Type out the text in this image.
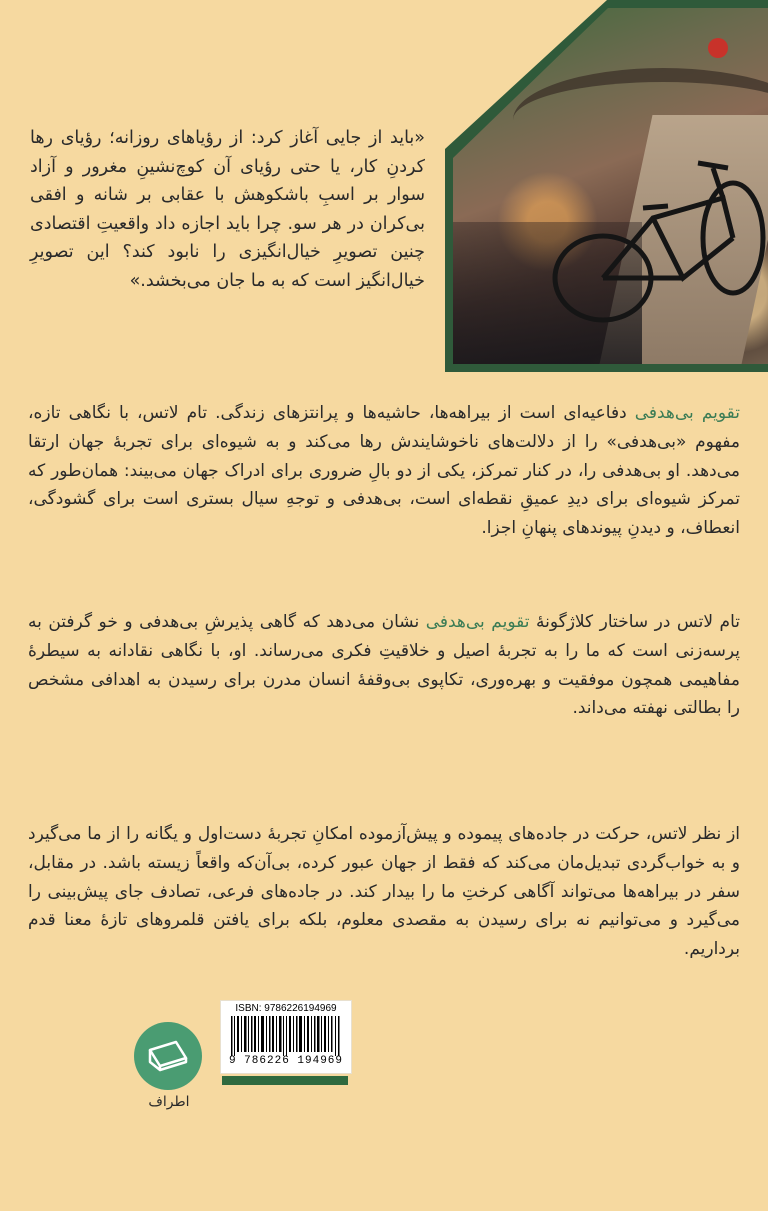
«باید از جایی آغاز کرد: از رؤیاهای روزانه؛ رؤیای رها کردنِ کار، یا حتی رؤیای آن کوچ‌نشینِ مغرور و آزاد سوار بر اسبِ باشکوهش با عقابی بر شانه و افقی بی‌کران در هر سو. چرا باید اجازه داد واقعیتِ اقتصادی چنین تصویرِ خیال‌انگیزی را نابود کند؟ این تصویرِ خیال‌انگیز است که به ما جان می‌بخشد.»

تقویم بی‌هدفی دفاعیه‌ای است از بیراهه‌ها، حاشیه‌ها و پرانتزهای زندگی. تام لاتس، با نگاهی تازه، مفهوم «بی‌هدفی» را از دلالت‌های ناخوشایندش رها می‌کند و به شیوه‌ای برای تجربهٔ جهان ارتقا می‌دهد. او بی‌هدفی را، در کنار تمرکز، یکی از دو بالِ ضروری برای ادراک جهان می‌بیند: همان‌طور که تمرکز شیوه‌ای برای دیدِ عمیقِ نقطه‌ای است، بی‌هدفی و توجهِ سیال بستری است برای گشودگی، انعطاف، و دیدنِ پیوندهای پنهانِ اجزا.

تام لاتس در ساختار کلاژگونهٔ تقویم بی‌هدفی نشان می‌دهد که گاهی پذیرشِ بی‌هدفی و خو گرفتن به پرسه‌زنی است که ما را به تجربهٔ اصیل و خلاقیتِ فکری می‌رساند. او، با نگاهی نقادانه به سیطرهٔ مفاهیمی همچون موفقیت و بهره‌وری، تکاپوی بی‌وقفهٔ انسان مدرن برای رسیدن به اهدافی مشخص را بطالتی نهفته می‌داند.

از نظر لاتس، حرکت در جاده‌های پیموده و پیش‌آزموده امکانِ تجربهٔ دست‌اول و یگانه را از ما می‌گیرد و به خواب‌گردی تبدیل‌مان می‌کند که فقط از جهان عبور کرده، بی‌آن‌که واقعاً زیسته باشد. در مقابل، سفر در بیراهه‌ها می‌تواند آگاهی کرختِ ما را بیدار کند. در جاده‌های فرعی، تصادف جای پیش‌بینی را می‌گیرد و می‌توانیم نه برای رسیدن به مقصدی معلوم، بلکه برای یافتن قلمروهای تازهٔ معنا قدم برداریم.

اطراف
ISBN: 9786226194969
9 786226 194969
